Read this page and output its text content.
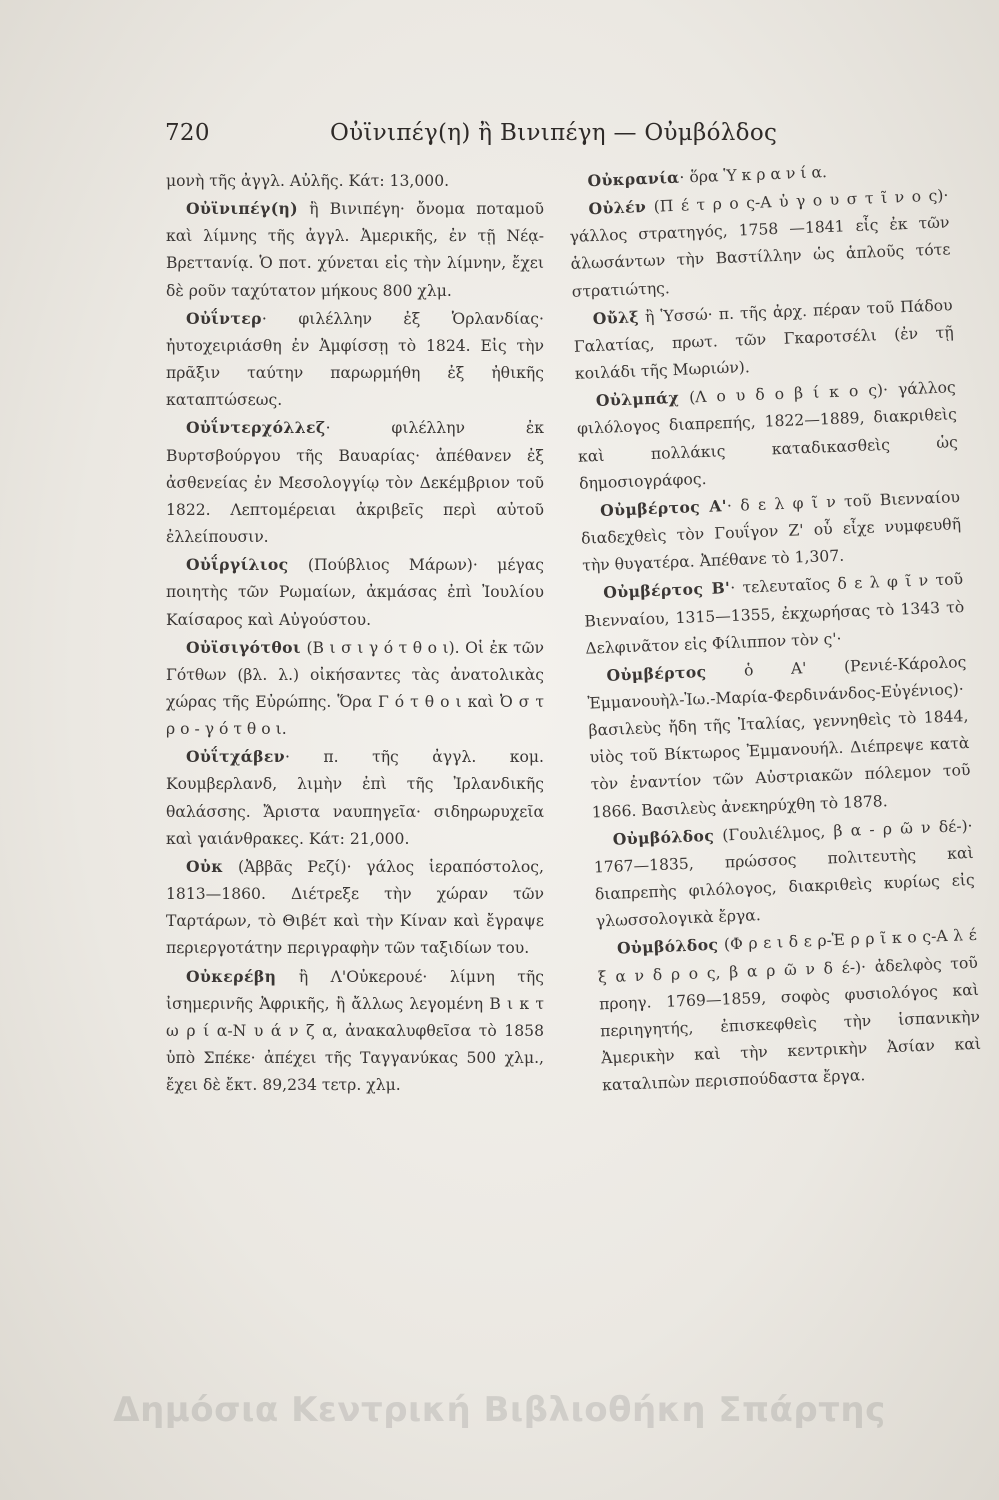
720	Οὐϊνιπέγ(η) ἢ Βινιπέγη — Οὐμβόλδος

μονὴ τῆς ἀγγλ. Αὐλῆς. Κάτ: 13,000.

Οὐϊνιπέγ(η) ἢ Βινιπέγη· ὄνομα ποταμοῦ καὶ λίμνης τῆς ἀγγλ. Ἀμερικῆς, ἐν τῇ Νέᾳ-Βρεττανίᾳ. Ὁ ποτ. χύνεται εἰς τὴν λίμνην, ἔχει δὲ ροῦν ταχύτατον μήκους 800 χλμ.

Οὐΐντερ· φιλέλλην ἐξ Ὁρλανδίας· ἠυτοχειριάσθη ἐν Ἀμφίσσῃ τὸ 1824. Εἰς τὴν πρᾶξιν ταύτην παρωρμήθη ἐξ ἠθικῆς καταπτώσεως.

Οὐΐντερχόλλεζ· φιλέλλην ἐκ Βυρτσβούργου τῆς Βαυαρίας· ἀπέθανεν ἐξ ἀσθενείας ἐν Μεσολογγίῳ τὸν Δεκέμβριον τοῦ 1822. Λεπτομέρειαι ἀκριβεῖς περὶ αὐτοῦ ἐλλείπουσιν.

Οὐΐργίλιος (Πούβλιος Μάρων)· μέγας ποιητὴς τῶν Ρωμαίων, ἀκμάσας ἐπὶ Ἰουλίου Καίσαρος καὶ Αὐγούστου.

Οὐϊσιγότθοι (Β ι σ ι γ ό τ θ ο ι). Οἱ ἐκ τῶν Γότθων (βλ. λ.) οἰκήσαντες τὰς ἀνατολικὰς χώρας τῆς Εὐρώπης. Ὅρα Γ ό τ θ ο ι καὶ Ὀ σ τ ρ ο - γ ό τ θ ο ι.

Οὐΐτχάβεν· π. τῆς ἀγγλ. κομ. Κουμβερλανδ, λιμὴν ἐπὶ τῆς Ἰρλανδικῆς θαλάσσης. Ἄριστα ναυπηγεῖα· σιδηρωρυχεῖα καὶ γαιάνθρακες. Κάτ: 21,000.

Οὐκ (Ἀββᾶς Ρεζί)· γάλος ἱεραπόστολος, 1813—1860. Διέτρεξε τὴν χώραν τῶν Ταρτάρων, τὸ Θιβέτ καὶ τὴν Κίναν καὶ ἔγραψε περιεργοτάτην περιγραφὴν τῶν ταξιδίων του.

Οὐκερέβη ἢ Λ'Οὐκερουέ· λίμνη τῆς ἰσημερινῆς Ἀφρικῆς, ἢ ἄλλως λεγομένη Β ι κ τ ω ρ ί α-Ν υ ά ν ζ α, ἀνακαλυφθεῖσα τὸ 1858 ὑπὸ Σπέκε· ἀπέχει τῆς Ταγγανύκας 500 χλμ., ἔχει δὲ ἔκτ. 89,234 τετρ. χλμ.

Οὐκρανία· ὅρα Ὑ κ ρ α ν ί α.

Οὐλέν (Π έ τ ρ ο ς-Α ὐ γ ο υ σ τ ῖ ν ο ς)· γάλλος στρατηγός, 1758 —1841 εἷς ἐκ τῶν ἁλωσάντων τὴν Βαστίλλην ὡς ἁπλοῦς τότε στρατιώτης.

Οὔλξ ἢ Ὑσσώ· π. τῆς ἀρχ. πέραν τοῦ Πάδου Γαλατίας, πρωτ. τῶν Γκαροτσέλι (ἐν τῇ κοιλάδι τῆς Μωριών).

Οὐλμπάχ (Λ ο υ δ ο β ί κ ο ς)· γάλλος φιλόλογος διαπρεπής, 1822—1889, διακριθεὶς καὶ πολλάκις καταδικασθεὶς ὡς δημοσιογράφος.

Οὐμβέρτος Α'· δ ε λ φ ῖ ν τοῦ Βιενναίου διαδεχθεὶς τὸν Γουΐγον Ζ' οὗ εἶχε νυμφευθῆ τὴν θυγατέρα. Ἀπέθανε τὸ 1,307.

Οὐμβέρτος Β'· τελευταῖος δ ε λ φ ῖ ν τοῦ Βιενναίου, 1315—1355, ἐκχωρήσας τὸ 1343 τὸ Δελφινᾶτον εἰς Φίλιππον τὸν ς'·

Οὐμβέρτος ὁ Α' (Ρενιέ-Κάρολος Ἐμμανουὴλ-Ἰω.-Μαρία-Φερδινάνδος-Εὐγένιος)· βασιλεὺς ἤδη τῆς Ἰταλίας, γεννηθεὶς τὸ 1844, υἱὸς τοῦ Βίκτωρος Ἐμμανουήλ. Διέπρεψε κατὰ τὸν ἐναντίον τῶν Αὐστριακῶν πόλεμον τοῦ 1866. Βασιλεὺς ἀνεκηρύχθη τὸ 1878.

Οὐμβόλδος (Γουλιέλμος, β α - ρ ῶ ν δέ-)· 1767—1835, πρώσσος πολιτευτὴς καὶ διαπρεπὴς φιλόλογος, διακριθεὶς κυρίως εἰς γλωσσολογικὰ ἔργα.

Οὐμβόλδος (Φ ρ ε ι δ ε ρ-Ἑ ρ ρ ῖ κ ο ς-Α λ έ ξ α ν δ ρ ο ς, β α ρ ῶ ν δ έ-)· ἀδελφὸς τοῦ προηγ. 1769—1859, σοφὸς φυσιολόγος καὶ περιηγητής, ἐπισκεφθεὶς τὴν ἱσπανικὴν Ἀμερικὴν καὶ τὴν κεντρικὴν Ἀσίαν καὶ καταλιπὼν περισπούδαστα ἔργα.

Δημόσια Κεντρική Βιβλιοθήκη Σπάρτης
